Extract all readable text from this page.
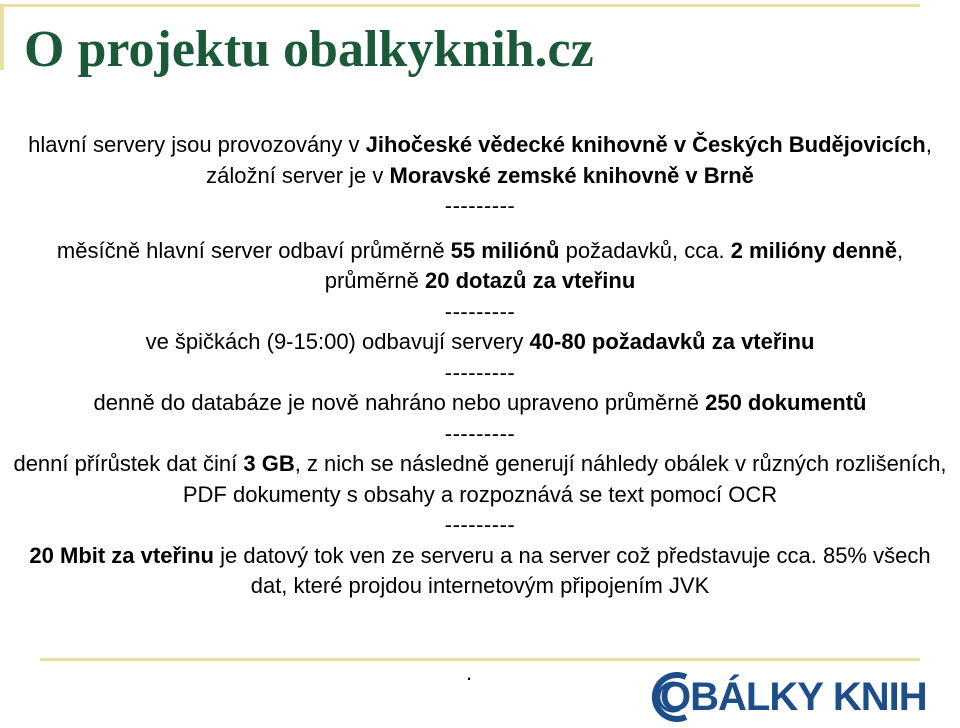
O projektu obalkyknih.cz

hlavní servery jsou provozovány v Jihočeské vědecké knihovně v Českých Budějovicích, záložní server je v Moravské zemské knihovně v Brně

---------

měsíčně hlavní server odbaví průměrně 55 miliónů požadavků, cca. 2 milióny denně, průměrně 20 dotazů za vteřinu

---------

ve špičkách (9-15:00) odbavují servery 40-80 požadavků za vteřinu

---------

denně do databáze je nově nahráno nebo upraveno průměrně 250 dokumentů

---------

denní přírůstek dat činí 3 GB, z nich se následně generují náhledy obálek v různých rozlišeních, PDF dokumenty s obsahy a rozpoznává se text pomocí OCR

---------

20 Mbit za vteřinu je datový tok ven ze serveru a na server což představuje cca. 85% všech dat, které projdou internetovým připojením JVK

.
OBÁLKY KNIH
